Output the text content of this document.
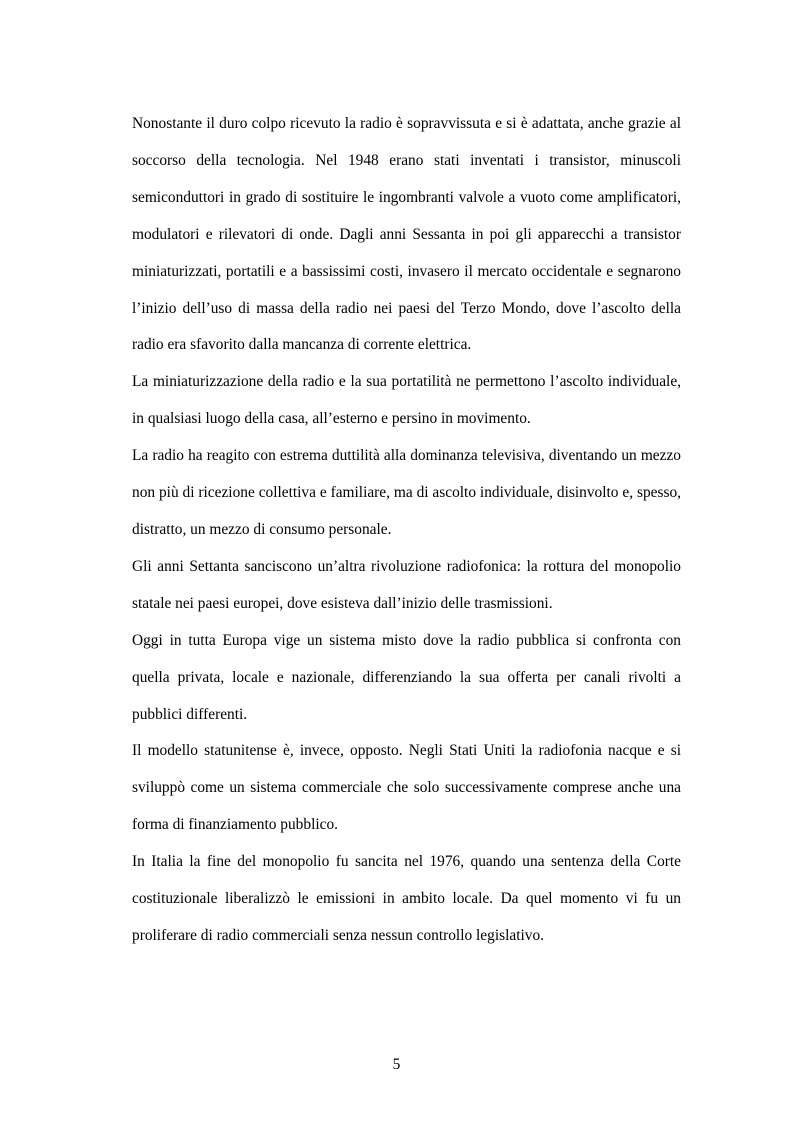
Nonostante il duro colpo ricevuto la radio è sopravvissuta e si è adattata, anche grazie al soccorso della tecnologia. Nel 1948 erano stati inventati i transistor, minuscoli semiconduttori in grado di sostituire le ingombranti valvole a vuoto come amplificatori, modulatori e rilevatori di onde. Dagli anni Sessanta in poi gli apparecchi a transistor miniaturizzati, portatili e a bassissimi costi, invasero il mercato occidentale e segnarono l’inizio dell’uso di massa della radio nei paesi del Terzo Mondo, dove l’ascolto della radio era sfavorito dalla mancanza di corrente elettrica.

La miniaturizzazione della radio e la sua portatilità ne permettono l’ascolto individuale, in qualsiasi luogo della casa, all’esterno e persino in movimento.

La radio ha reagito con estrema duttilità alla dominanza televisiva, diventando un mezzo non più di ricezione collettiva e familiare, ma di ascolto individuale, disinvolto e, spesso, distratto, un mezzo di consumo personale.

Gli anni Settanta sanciscono un’altra rivoluzione radiofonica: la rottura del monopolio statale nei paesi europei, dove esisteva dall’inizio delle trasmissioni.

Oggi in tutta Europa vige un sistema misto dove la radio pubblica si confronta con quella privata, locale e nazionale, differenziando la sua offerta per canali rivolti a pubblici differenti.

Il modello statunitense è, invece, opposto. Negli Stati Uniti la radiofonia nacque e si sviluppò come un sistema commerciale che solo successivamente comprese anche una forma di finanziamento pubblico.

In Italia la fine del monopolio fu sancita nel 1976, quando una sentenza della Corte costituzionale liberalizzò le emissioni in ambito locale. Da quel momento vi fu un proliferare di radio commerciali senza nessun controllo legislativo.

5
